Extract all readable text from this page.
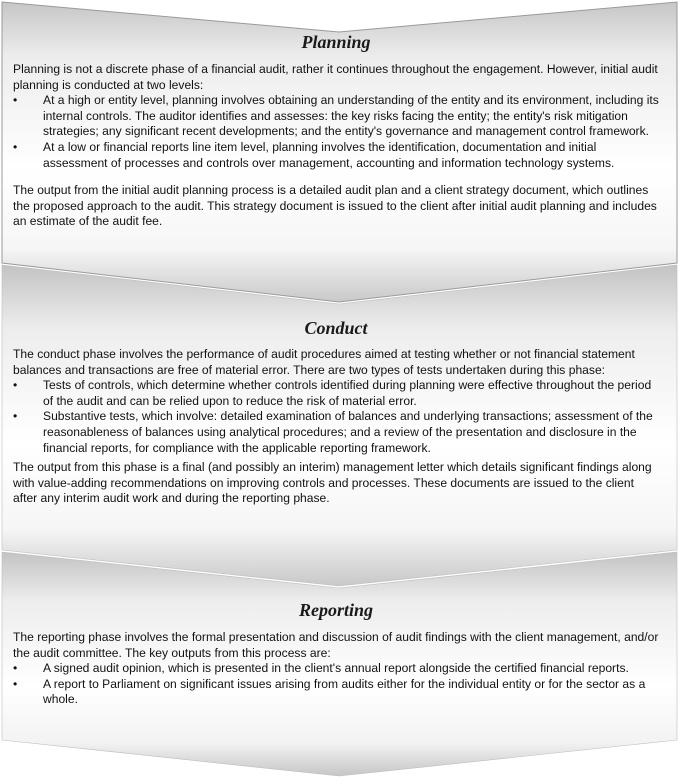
Planning

Planning is not a discrete phase of a financial audit, rather it continues throughout the engagement. However, initial audit planning is conducted at two levels:

•	At a high or entity level, planning involves obtaining an understanding of the entity and its environment, including its internal controls. The auditor identifies and assesses: the key risks facing the entity; the entity's risk mitigation strategies; any significant recent developments; and the entity's governance and management control framework.
•	At a low or financial reports line item level, planning involves the identification, documentation and initial assessment of processes and controls over management, accounting and information technology systems.

The output from the initial audit planning process is a detailed audit plan and a client strategy document, which outlines the proposed approach to the audit. This strategy document is issued to the client after initial audit planning and includes an estimate of the audit fee.

Conduct

The conduct phase involves the performance of audit procedures aimed at testing whether or not financial statement balances and transactions are free of material error. There are two types of tests undertaken during this phase:

•	Tests of controls, which determine whether controls identified during planning were effective throughout the period of the audit and can be relied upon to reduce the risk of material error.
•	Substantive tests, which involve: detailed examination of balances and underlying transactions; assessment of the reasonableness of balances using analytical procedures; and a review of the presentation and disclosure in the financial reports, for compliance with the applicable reporting framework.

The output from this phase is a final (and possibly an interim) management letter which details significant findings along with value-adding recommendations on improving controls and processes. These documents are issued to the client after any interim audit work and during the reporting phase.

Reporting

The reporting phase involves the formal presentation and discussion of audit findings with the client management, and/or the audit committee. The key outputs from this process are:

•	A signed audit opinion, which is presented in the client's annual report alongside the certified financial reports.
•	A report to Parliament on significant issues arising from audits either for the individual entity or for the sector as a whole.
